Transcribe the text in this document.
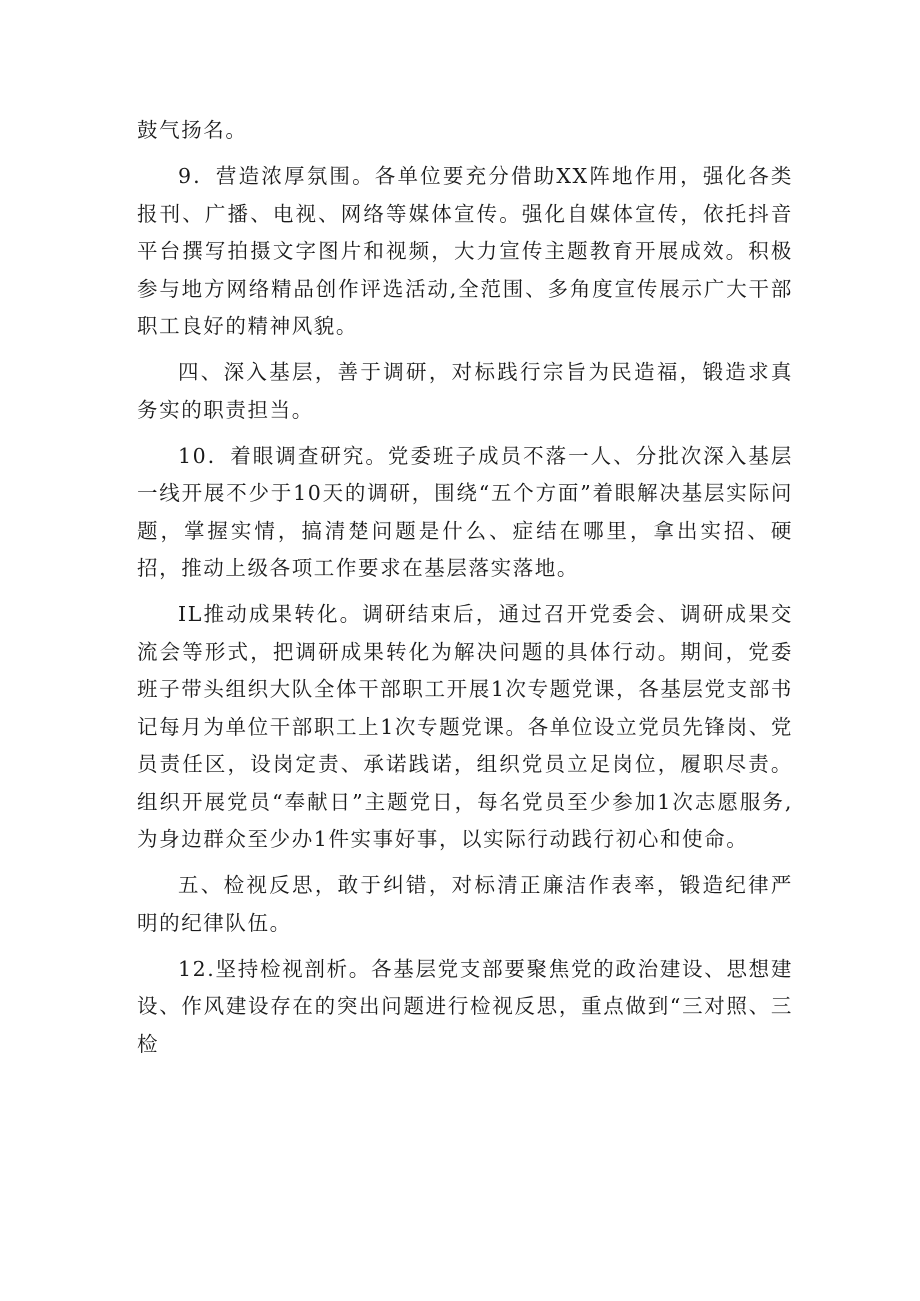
鼓气扬名。

9．营造浓厚氛围。各单位要充分借助XX阵地作用，强化各类报刊、广播、电视、网络等媒体宣传。强化自媒体宣传，依托抖音平台撰写拍摄文字图片和视频，大力宣传主题教育开展成效。积极参与地方网络精品创作评选活动,全范围、多角度宣传展示广大干部职工良好的精神风貌。

四、深入基层，善于调研，对标践行宗旨为民造福，锻造求真务实的职责担当。

10．着眼调查研究。党委班子成员不落一人、分批次深入基层一线开展不少于10天的调研，围绕“五个方面”着眼解决基层实际问题，掌握实情，搞清楚问题是什么、症结在哪里，拿出实招、硬招，推动上级各项工作要求在基层落实落地。

IL推动成果转化。调研结束后，通过召开党委会、调研成果交流会等形式，把调研成果转化为解决问题的具体行动。期间，党委班子带头组织大队全体干部职工开展1次专题党课，各基层党支部书记每月为单位干部职工上1次专题党课。各单位设立党员先锋岗、党员责任区，设岗定责、承诺践诺，组织党员立足岗位，履职尽责。组织开展党员“奉献日”主题党日，每名党员至少参加1次志愿服务,为身边群众至少办1件实事好事，以实际行动践行初心和使命。

五、检视反思，敢于纠错，对标清正廉洁作表率，锻造纪律严明的纪律队伍。

12.坚持检视剖析。各基层党支部要聚焦党的政治建设、思想建设、作风建设存在的突出问题进行检视反思，重点做到“三对照、三检
